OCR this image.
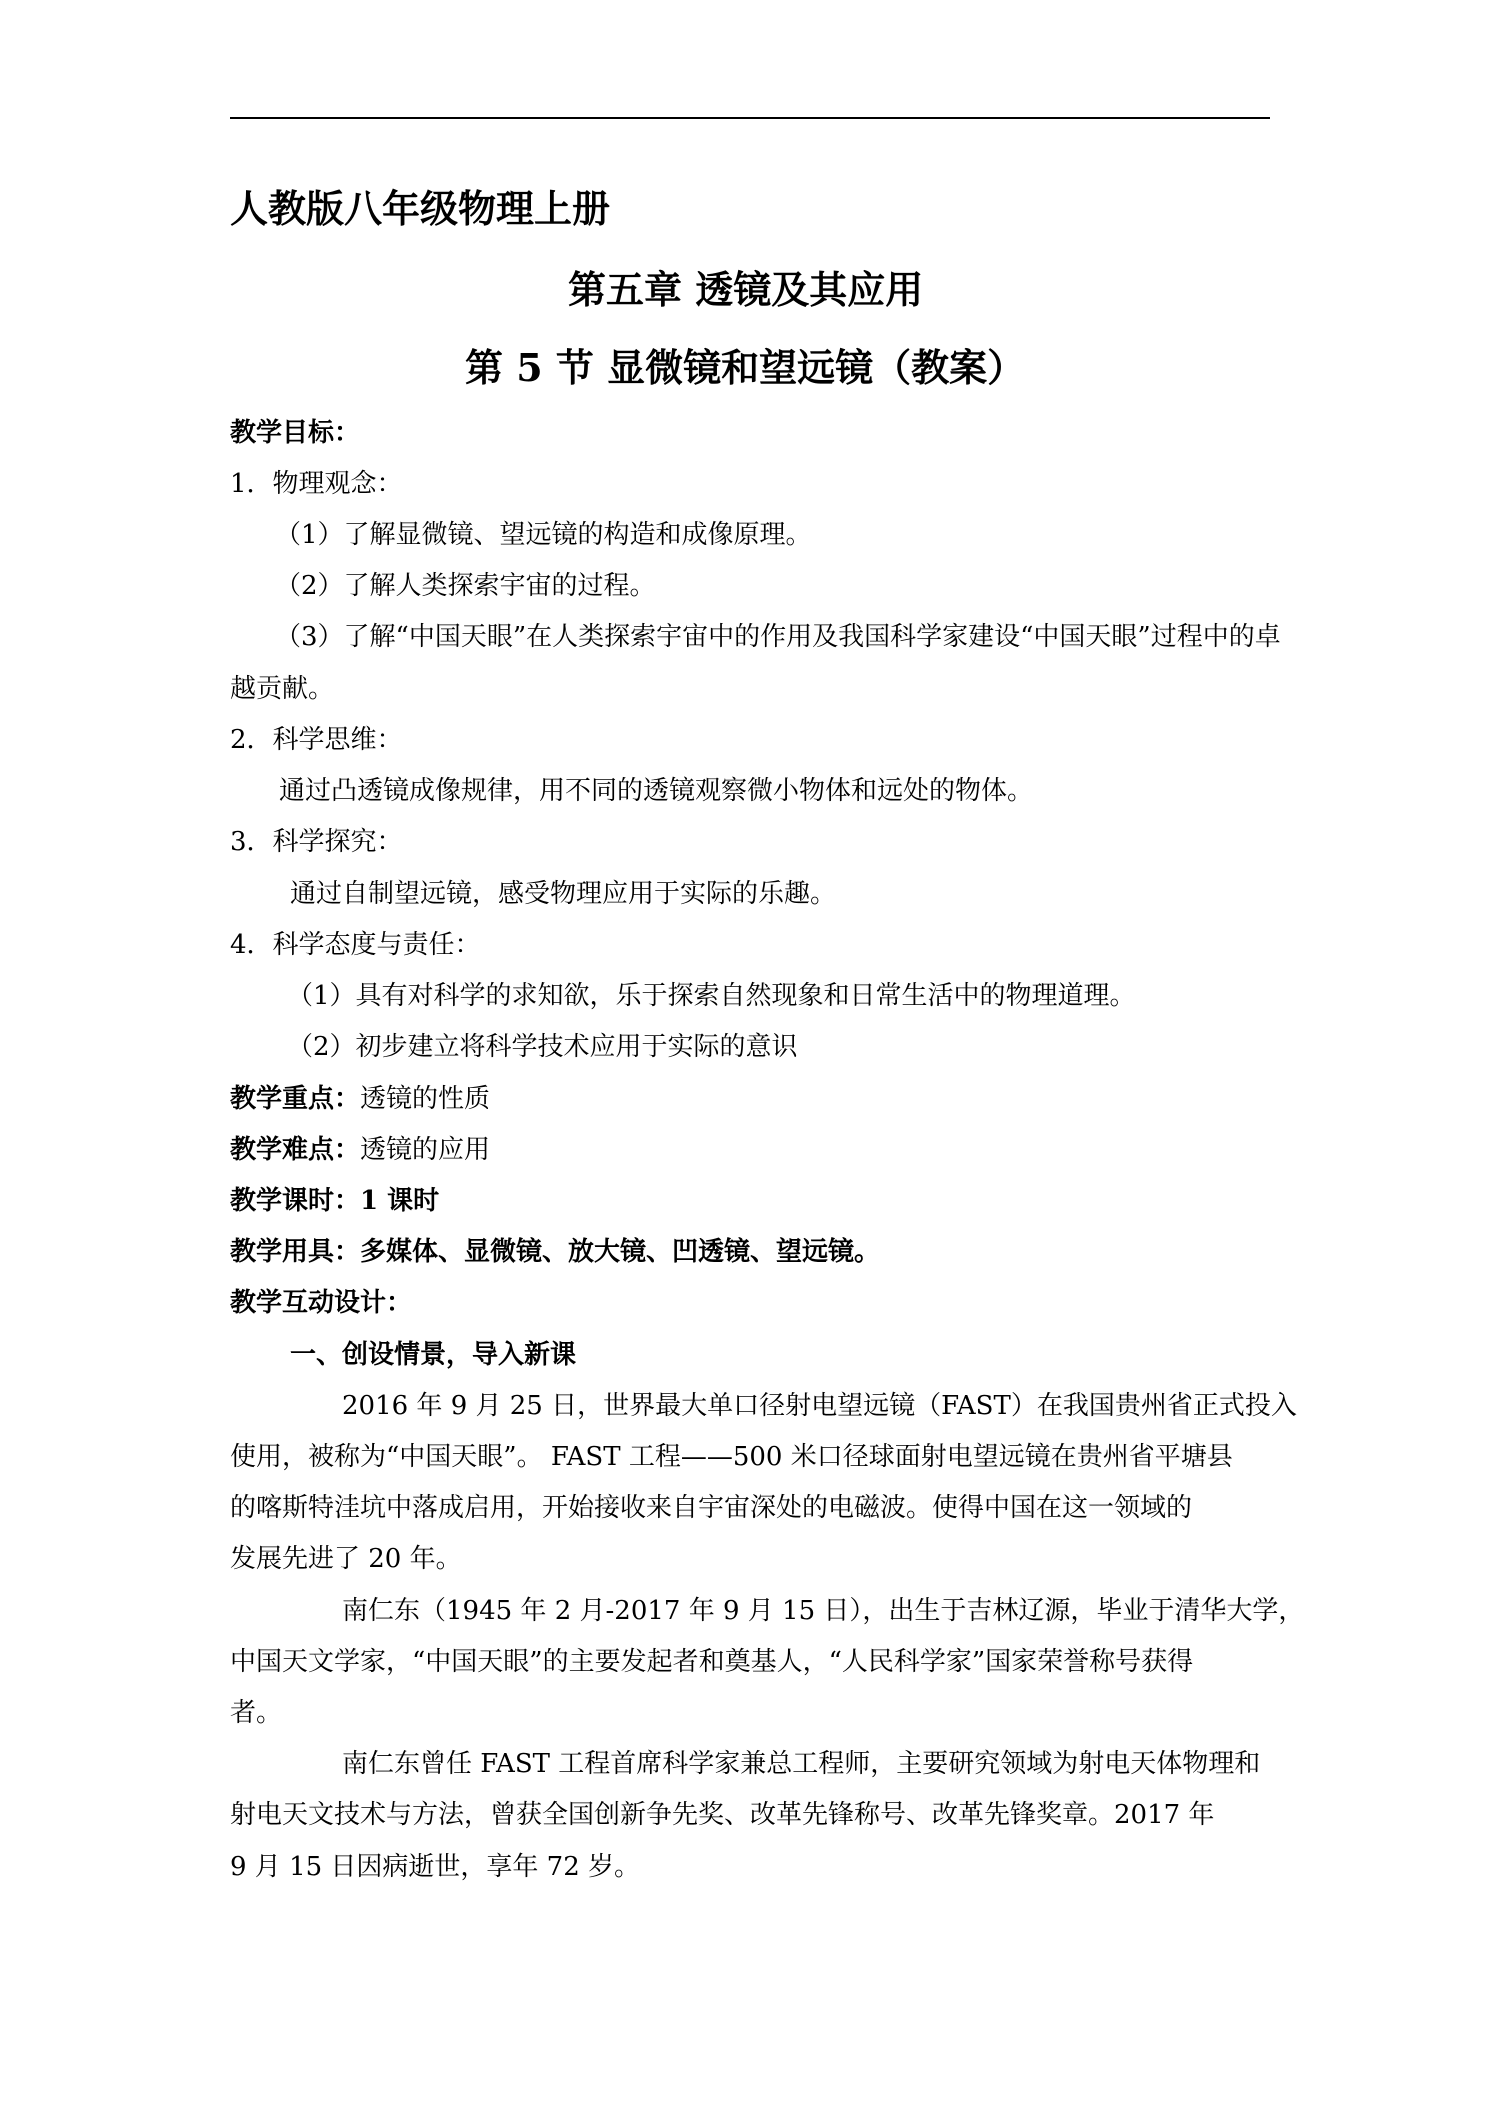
人教版八年级物理上册
第五章 透镜及其应用
第 5 节 显微镜和望远镜（教案）
教学目标：
1．物理观念：
（1）了解显微镜、望远镜的构造和成像原理。
（2）了解人类探索宇宙的过程。
（3）了解“中国天眼”在人类探索宇宙中的作用及我国科学家建设“中国天眼”过程中的卓
越贡献。
2．科学思维：
通过凸透镜成像规律，用不同的透镜观察微小物体和远处的物体。
3．科学探究：
通过自制望远镜，感受物理应用于实际的乐趣。
4．科学态度与责任：
（1）具有对科学的求知欲，乐于探索自然现象和日常生活中的物理道理。
（2）初步建立将科学技术应用于实际的意识
教学重点：透镜的性质
教学难点：透镜的应用
教学课时：1 课时
教学用具：多媒体、显微镜、放大镜、凹透镜、望远镜。
教学互动设计：
一、创设情景，导入新课
2016 年 9 月 25 日，世界最大单口径射电望远镜（FAST）在我国贵州省正式投入
使用，被称为“中国天眼”。 FAST 工程——500 米口径球面射电望远镜在贵州省平塘县
的喀斯特洼坑中落成启用，开始接收来自宇宙深处的电磁波。使得中国在这一领域的
发展先进了 20 年。
南仁东（1945 年 2 月-2017 年 9 月 15 日），出生于吉林辽源，毕业于清华大学，
中国天文学家，“中国天眼”的主要发起者和奠基人，“人民科学家”国家荣誉称号获得
者。
南仁东曾任 FAST 工程首席科学家兼总工程师，主要研究领域为射电天体物理和
射电天文技术与方法，曾获全国创新争先奖、改革先锋称号、改革先锋奖章。2017 年
9 月 15 日因病逝世，享年 72 岁。
